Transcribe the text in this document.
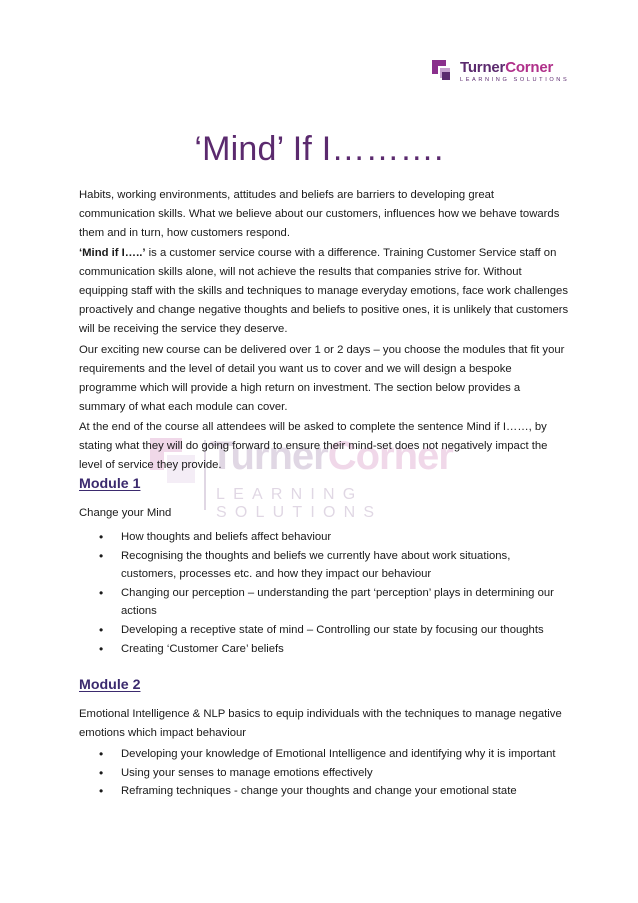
TurnerCorner
LEARNING SOLUTIONS
‘Mind’ If I……….
TurnerCorner
LEARNING SOLUTIONS

Habits, working environments, attitudes and beliefs are barriers to developing great communication skills. What we believe about our customers, influences how we behave towards them and in turn, how customers respond.

‘Mind if I…..’ is a customer service course with a difference. Training Customer Service staff on communication skills alone, will not achieve the results that companies strive for. Without equipping staff with the skills and techniques to manage everyday emotions, face work challenges proactively and change negative thoughts and beliefs to positive ones, it is unlikely that customers will be receiving the service they deserve.

Our exciting new course can be delivered over 1 or 2 days – you choose the modules that fit your requirements and the level of detail you want us to cover and we will design a bespoke programme which will provide a high return on investment. The section below provides a summary of what each module can cover.

At the end of the course all attendees will be asked to complete the sentence Mind if I……, by stating what they will do going forward to ensure their mind-set does not negatively impact the level of service they provide.

Module 1

Change your Mind

• How thoughts and beliefs affect behaviour
• Recognising the thoughts and beliefs we currently have about work situations, customers, processes etc. and how they impact our behaviour
• Changing our perception – understanding the part ‘perception’ plays in determining our actions
• Developing a receptive state of mind – Controlling our state by focusing our thoughts
• Creating ‘Customer Care’ beliefs
Module 2

Emotional Intelligence & NLP basics to equip individuals with the techniques to manage negative emotions which impact behaviour

• Developing your knowledge of Emotional Intelligence and identifying why it is important
• Using your senses to manage emotions effectively
• Reframing techniques - change your thoughts and change your emotional state
